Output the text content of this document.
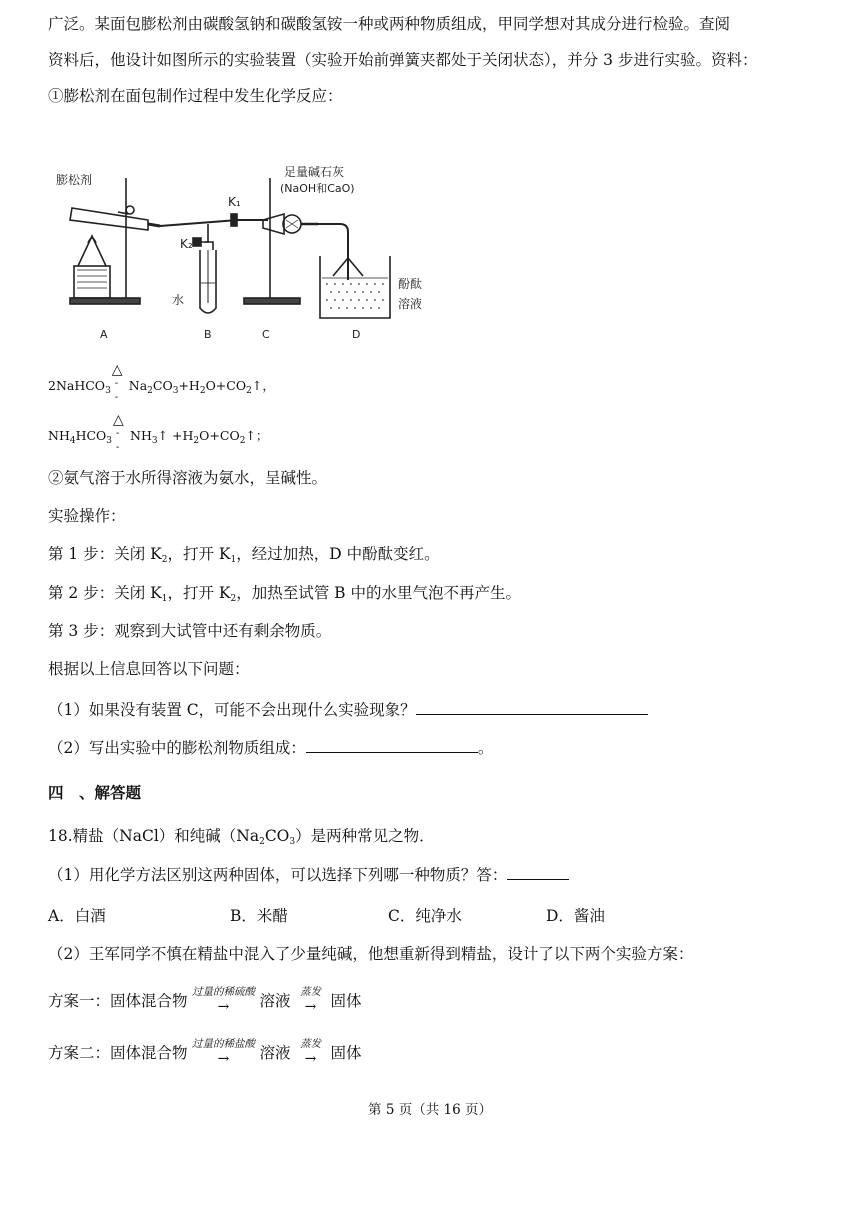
广泛。某面包膨松剂由碳酸氢钠和碳酸氢铵一种或两种物质组成，甲同学想对其成分进行检验。查阅
资料后，他设计如图所示的实验装置（实验开始前弹簧夹都处于关闭状态），并分 3 步进行实验。资料：
①膨松剂在面包制作过程中发生化学反应：
膨松剂
K₁
K₂
足量碱石灰
(NaOH和CaO)
水
酚酞
溶液
A	B	C	D
2NaHCO$_3$
△
-
-
$Na_2CO_3+H_2O+CO_2↑$，
$NH_4HCO_3$
△
-
-
$NH_3↑$ $+H_2O+CO_2↑$；
②氨气溶于水所得溶液为氨水，呈碱性。
实验操作：
第 1 步：关闭 $K_2$，打开 $K_1$，经过加热，D 中酚酞变红。
第 2 步：关闭 $K_1$，打开 $K_2$，加热至试管 B 中的水里气泡不再产生。
第 3 步：观察到大试管中还有剩余物质。
根据以上信息回答以下问题：
（1）如果没有装置 C，可能不会出现什么实验现象？
（2）写出实验中的膨松剂物质组成：	。
四　、解答题
18.精盐（NaCl）和纯碱$(Na_2CO_3)$是两种常见之物．
（1）用化学方法区别这两种固体，可以选择下列哪一种物质？答：
A．白酒	B．米醋	C．纯净水	D．酱油
（2）王军同学不慎在精盐中混入了少量纯碱，他想重新得到精盐，设计了以下两个实验方案：
方案一：固体混合物 过量的稀硫酸
→	溶液 蒸发
→ 固体
方案二：固体混合物 过量的稀盐酸
→	溶液 蒸发
→ 固体
第 5 页（共 16 页）
